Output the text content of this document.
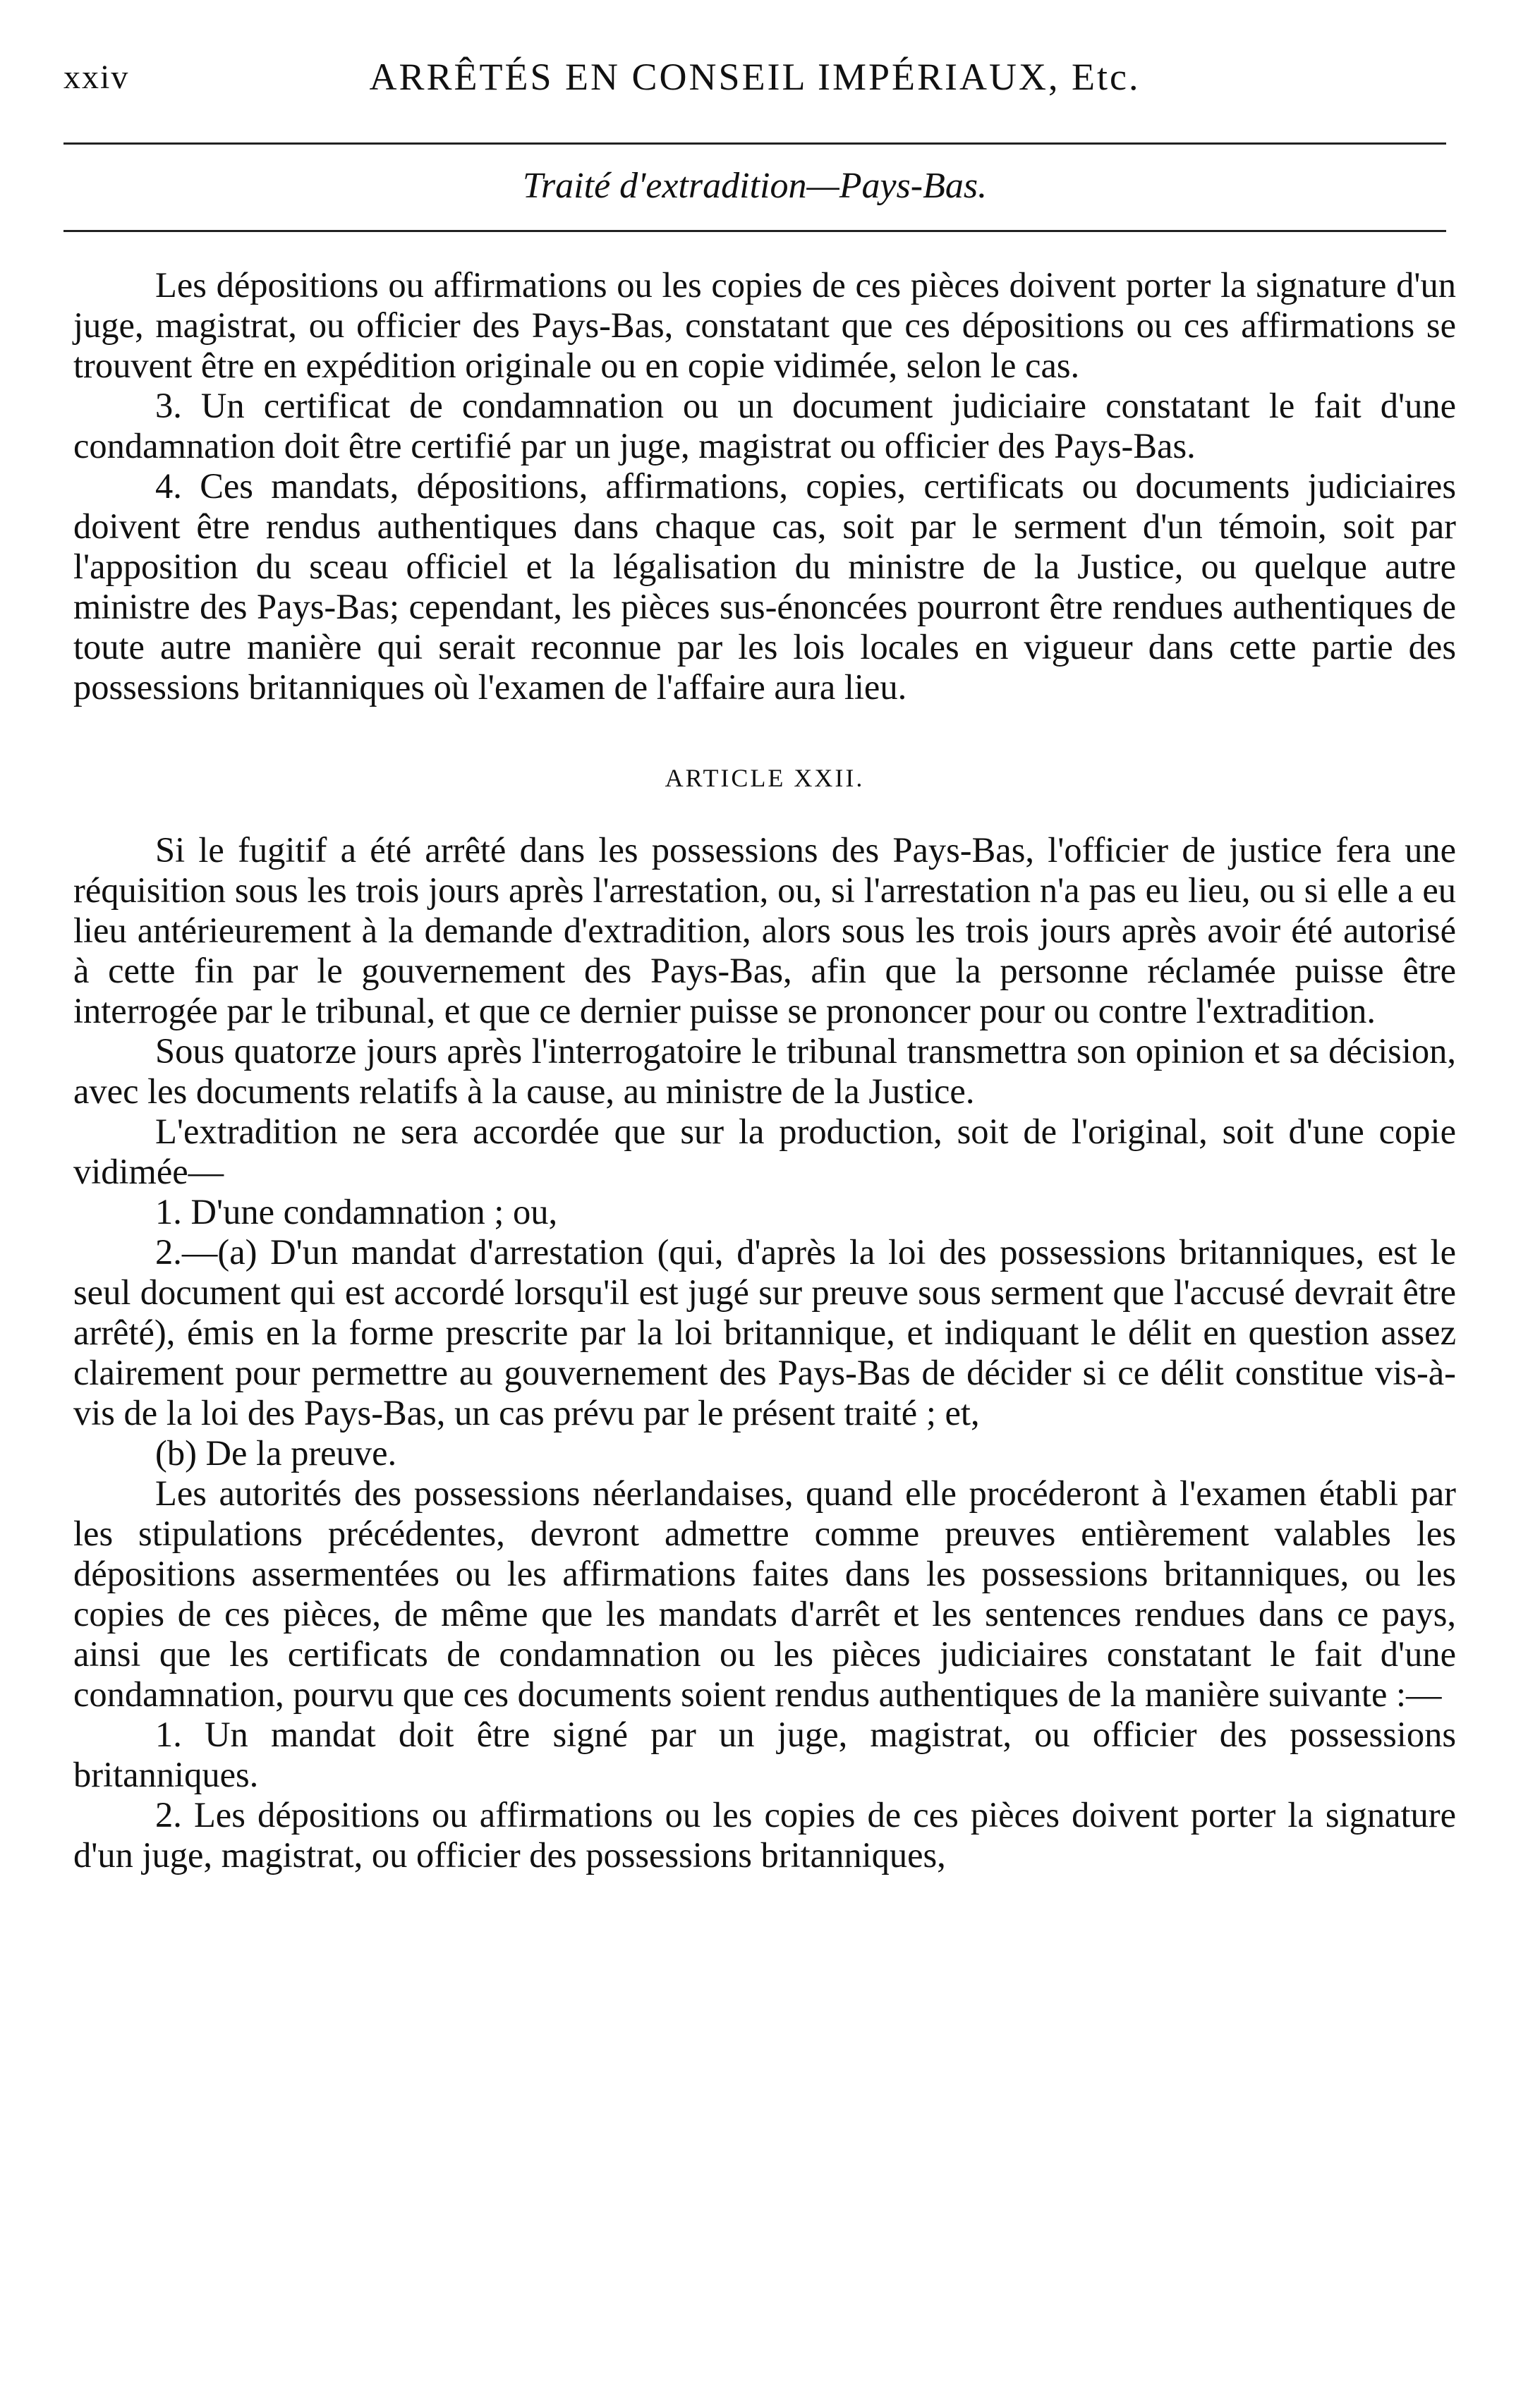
xxiv	ARRÊTÉS EN CONSEIL IMPÉRIAUX, Etc.
Traité d'extradition—Pays-Bas.

Les dépositions ou affirmations ou les copies de ces pièces doivent porter la signature d'un juge, magistrat, ou officier des Pays-Bas, constatant que ces dépositions ou ces affirmations se trouvent être en expédition originale ou en copie vidimée, selon le cas.

3. Un certificat de condamnation ou un document judiciaire constatant le fait d'une condamnation doit être certifié par un juge, magistrat ou officier des Pays-Bas.

4. Ces mandats, dépositions, affirmations, copies, certificats ou documents judiciaires doivent être rendus authentiques dans chaque cas, soit par le serment d'un témoin, soit par l'apposition du sceau officiel et la légalisation du ministre de la Justice, ou quelque autre ministre des Pays-Bas; cependant, les pièces sus-énoncées pourront être rendues authentiques de toute autre manière qui serait reconnue par les lois locales en vigueur dans cette partie des possessions britanniques où l'examen de l'affaire aura lieu.

ARTICLE XXII.

Si le fugitif a été arrêté dans les possessions des Pays-Bas, l'officier de justice fera une réquisition sous les trois jours après l'arrestation, ou, si l'arrestation n'a pas eu lieu, ou si elle a eu lieu antérieurement à la demande d'extradition, alors sous les trois jours après avoir été autorisé à cette fin par le gouvernement des Pays-Bas, afin que la personne réclamée puisse être interrogée par le tribunal, et que ce dernier puisse se prononcer pour ou contre l'extradition.

Sous quatorze jours après l'interrogatoire le tribunal transmettra son opinion et sa décision, avec les documents relatifs à la cause, au ministre de la Justice.

L'extradition ne sera accordée que sur la production, soit de l'original, soit d'une copie vidimée—

1. D'une condamnation ; ou,

2.—(a) D'un mandat d'arrestation (qui, d'après la loi des possessions britanniques, est le seul document qui est accordé lorsqu'il est jugé sur preuve sous serment que l'accusé devrait être arrêté), émis en la forme prescrite par la loi britannique, et indiquant le délit en question assez clairement pour permettre au gouvernement des Pays-Bas de décider si ce délit constitue vis-à-vis de la loi des Pays-Bas, un cas prévu par le présent traité ; et,

(b) De la preuve.

Les autorités des possessions néerlandaises, quand elle procéderont à l'examen établi par les stipulations précédentes, devront admettre comme preuves entièrement valables les dépositions assermentées ou les affirmations faites dans les possessions britanniques, ou les copies de ces pièces, de même que les mandats d'arrêt et les sentences rendues dans ce pays, ainsi que les certificats de condamnation ou les pièces judiciaires constatant le fait d'une condamnation, pourvu que ces documents soient rendus authentiques de la manière suivante :—

1. Un mandat doit être signé par un juge, magistrat, ou officier des possessions britanniques.

2. Les dépositions ou affirmations ou les copies de ces pièces doivent porter la signature d'un juge, magistrat, ou officier des possessions britanniques,
